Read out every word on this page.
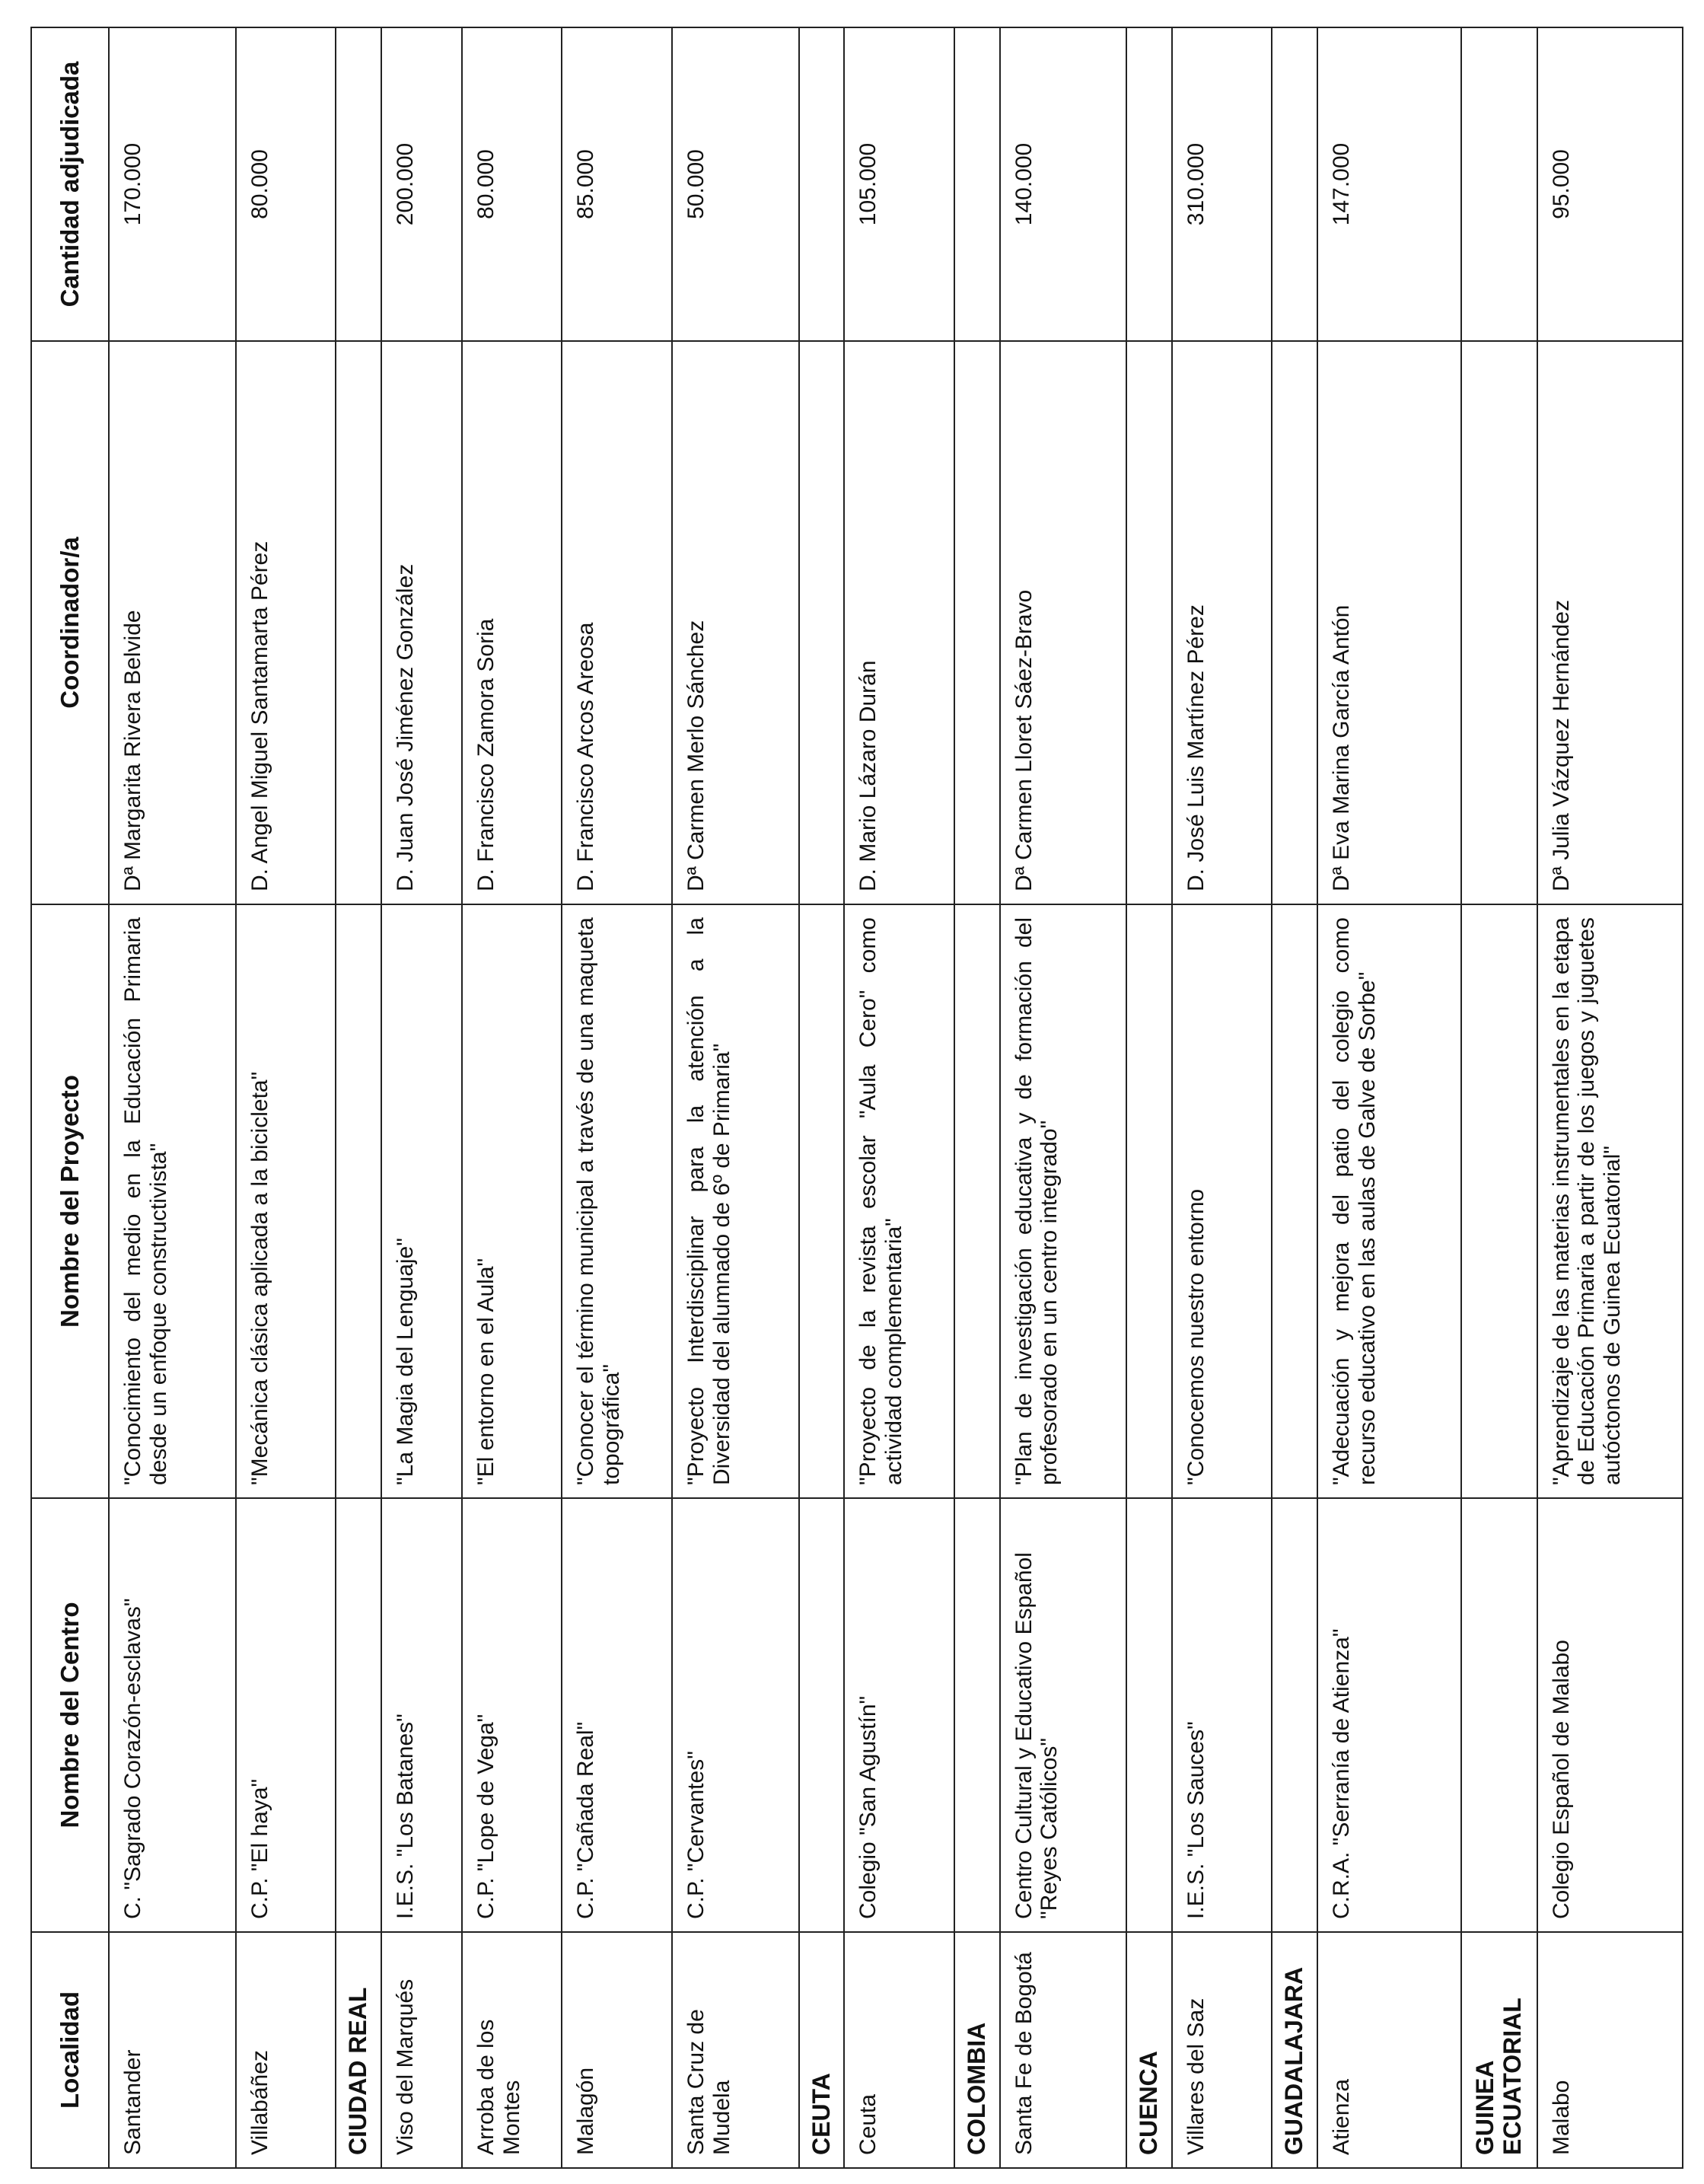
Localidad	Nombre del Centro	Nombre del Proyecto	Coordinador/a	Cantidad adjudicada
Santander	C. "Sagrado Corazón-esclavas"	"Conocimiento del medio en la Educación Primaria desde un enfoque constructivista"	Dª Margarita Rivera Belvide	170.000
Villabáñez	C.P. "El haya"	"Mecánica clásica aplicada a la bicicleta"	D. Angel Miguel Santamarta Pérez	80.000
CIUDAD REAL				
Viso del Marqués	I.E.S. "Los Batanes"	"La Magia del Lenguaje"	D. Juan José Jiménez González	200.000
Arroba de los Montes	C.P. "Lope de Vega"	"El entorno en el Aula"	D. Francisco Zamora Soria	80.000
Malagón	C.P. "Cañada Real"	"Conocer el término municipal a través de una maqueta topográfica"	D. Francisco Arcos Areosa	85.000
Santa Cruz de Mudela	C.P. "Cervantes"	"Proyecto Interdisciplinar para la atención a la Diversidad del alumnado de 6º de Primaria"	Dª Carmen Merlo Sánchez	50.000
CEUTA				
Ceuta	Colegio "San Agustín"	"Proyecto de la revista escolar "Aula Cero" como actividad complementaria"	D. Mario Lázaro Durán	105.000
COLOMBIA				
Santa Fe de Bogotá	Centro Cultural y Educativo Español "Reyes Católicos"	"Plan de investigación educativa y de formación del profesorado en un centro integrado"	Dª Carmen Lloret Sáez-Bravo	140.000
CUENCA				
Villares del Saz	I.E.S. "Los Sauces"	"Conocemos nuestro entorno	D. José Luis Martínez Pérez	310.000
GUADALAJARA				
Atienza	C.R.A. "Serranía de Atienza"	"Adecuación y mejora del patio del colegio como recurso educativo en las aulas de Galve de Sorbe"	Dª Eva Marina García Antón	147.000
GUINEA ECUATORIAL				
Malabo	Colegio Español de Malabo	"Aprendizaje de las materias instrumentales en la etapa de Educación Primaria a partir de los juegos y juguetes autóctonos de Guinea Ecuatorial"	Dª Julia Vázquez Hernández	95.000
